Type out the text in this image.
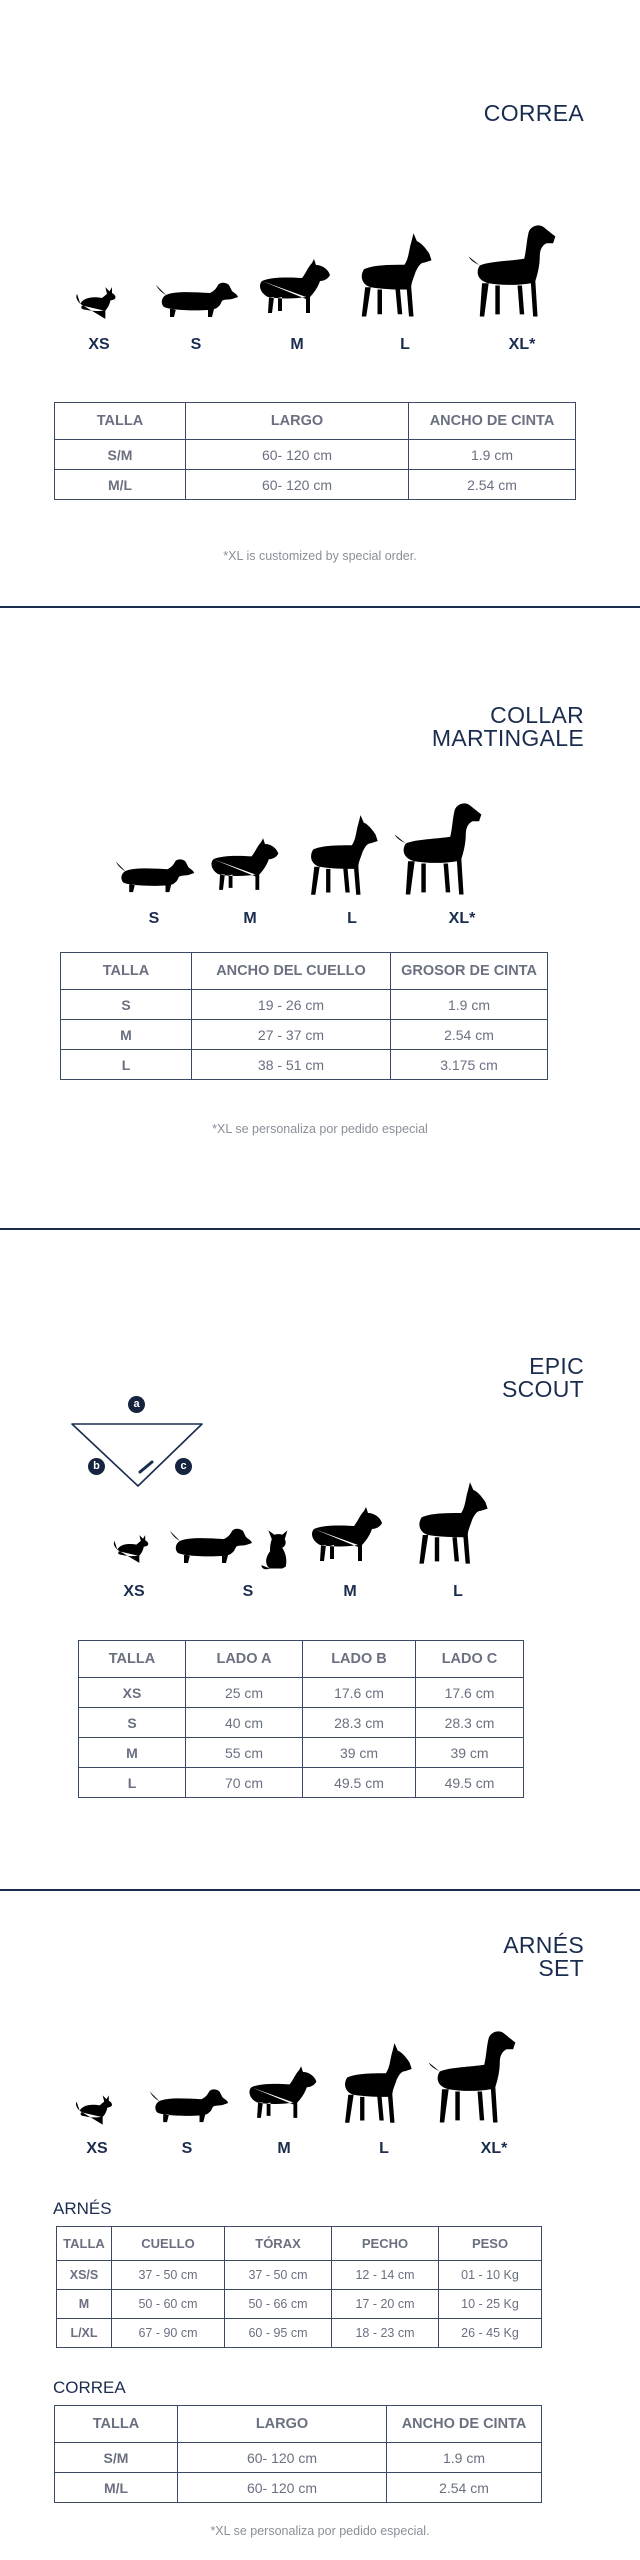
CORREA
XS	S	M	L	XL*
TALLA	LARGO	ANCHO DE CINTA
S/M	60- 120 cm	1.9 cm
M/L	60- 120 cm	2.54 cm
*XL is customized by special order.
COLLAR
MARTINGALE
S	M	L	XL*
TALLA	ANCHO DEL CUELLO	GROSOR DE CINTA
S	19 - 26 cm	1.9 cm
M	27 - 37 cm	2.54 cm
L	38 - 51 cm	3.175 cm
*XL se personaliza por pedido especial
EPIC
SCOUT
a
b	c
XS	S	M	L
TALLA	LADO A	LADO B	LADO C
XS	25 cm	17.6 cm	17.6 cm
S	40 cm	28.3 cm	28.3 cm
M	55 cm	39 cm	39 cm
L	70 cm	49.5 cm	49.5 cm
ARNÉS
SET
XS	S	M	L	XL*
ARNÉS
TALLA	CUELLO	TÓRAX	PECHO	PESO
XS/S	37 - 50 cm	37 - 50 cm	12 - 14 cm	01 - 10 Kg
M	50 - 60 cm	50 - 66 cm	17 - 20 cm	10 - 25 Kg
L/XL	67 - 90 cm	60 - 95 cm	18 - 23 cm	26 - 45 Kg
CORREA
TALLA	LARGO	ANCHO DE CINTA
S/M	60- 120 cm	1.9 cm
M/L	60- 120 cm	2.54 cm
*XL se personaliza por pedido especial.
